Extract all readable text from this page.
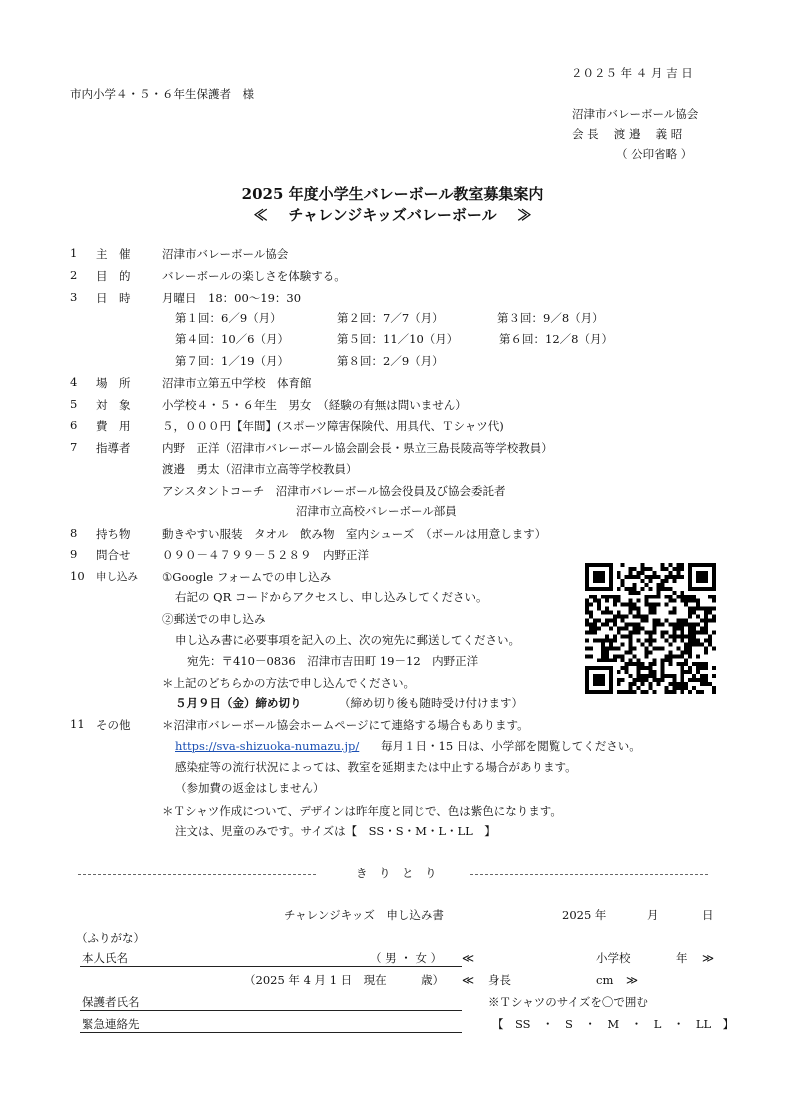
２０２５ 年 ４ 月 吉 日
市内小学４・５・６年生保護者　様
沼津市バレーボール協会
会 長　 渡 邉　 義 昭
（ 公印省略 ）
2025 年度小学生バレーボール教室募集案内
≪　 チャレンジキッズバレーボール　 ≫
1	主　催	沼津市バレーボール協会
2	目　的	バレーボールの楽しさを体験する。
3	日　時	月曜日　18：00～19：30
第１回：6／9（月）	第２回：7／7（月）	第３回：9／8（月）
第４回：10／6（月）	第５回：11／10（月）	第６回：12／8（月）
第７回：1／19（月）	第８回：2／9（月）
4	場　所	沼津市立第五中学校　体育館
5	対　象	小学校４・５・６年生　男女　（経験の有無は問いません）
6	費　用	５，０００円【年間】(スポーツ障害保険代、用具代、Ｔシャツ代)
7	指導者	内野　正洋（沼津市バレーボール協会副会長・県立三島長陵高等学校教員）
渡邉　勇太（沼津市立高等学校教員）
アシスタントコーチ　沼津市バレーボール協会役員及び協会委託者
沼津市立高校バレーボール部員
8	持ち物	動きやすい服装　タオル　飲み物　室内シューズ　（ボールは用意します）
9	問合せ	０９０－４７９９－５２８９　内野正洋
10 申し込み ①Google フォームでの申し込み
右記の QR コードからアクセスし、申し込みしてください。
②郵送での申し込み
申し込み書に必要事項を記入の上、次の宛先に郵送してください。
宛先：〒410－0836　沼津市吉田町 19－12　内野正洋
＊上記のどちらかの方法で申し込んでください。
５月９日（金）締め切り	（締め切り後も随時受け付けます）
11 その他	＊沼津市バレーボール協会ホームページにて連絡する場合もあります。
https://sva-shizuoka-numazu.jp/ 毎月１日・15 日は、小学部を閲覧してください。
感染症等の流行状況によっては、教室を延期または中止する場合があります。
（参加費の返金はしません）
＊Ｔシャツ作成について、デザインは昨年度と同じで、色は紫色になります。
注文は、児童のみです。サイズは【　SS・S・M・L・LL　】
き　り　と　り
チャレンジキッズ　申し込み書	2025 年	月	日
（ふりがな）
本人氏名	（ 男 ・ 女 ） ≪	小学校	年 ≫
（2025 年 4 月 1 日　現在　　　歳） ≪ 身長	cm ≫
保護者氏名	※Ｔシャツのサイズを〇で囲む
緊急連絡先	【　SS　・　S　・　M　・　L　・　LL　】
